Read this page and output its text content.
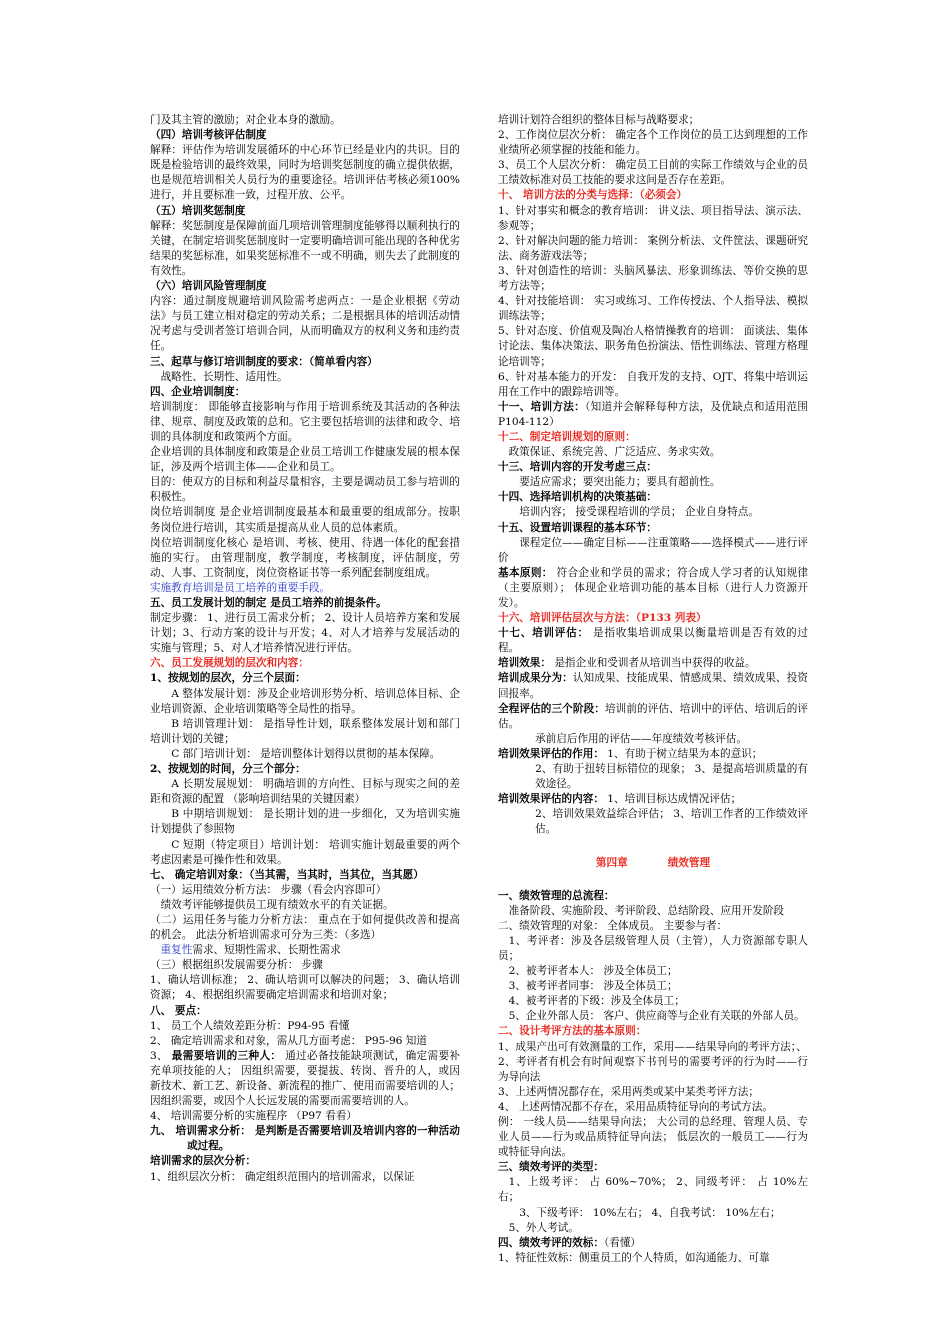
门及其主管的激励；对企业本身的激励。

（四）培训考核评估制度

解释：评估作为培训发展循环的中心环节已经是业内的共识。目的既是检验培训的最终效果，同时为培训奖惩制度的确立提供依据，也是规范培训相关人员行为的重要途径。培训评估考核必须100%进行，并且要标准一致，过程开放、公平。

（五）培训奖惩制度

解释：奖惩制度是保障前面几项培训管理制度能够得以顺利执行的关键，在制定培训奖惩制度时一定要明确培训可能出现的各种优劣结果的奖惩标准，如果奖惩标准不一或不明确，则失去了此制度的有效性。

（六）培训风险管理制度

内容：通过制度规避培训风险需考虑两点：一是企业根据《劳动法》与员工建立相对稳定的劳动关系；二是根据具体的培训活动情况考虑与受训者签订培训合同，从而明确双方的权利义务和违约责任。

三、起草与修订培训制度的要求：（简单看内容）

战略性、长期性、适用性。

四、企业培训制度：

培训制度： 即能够直接影响与作用于培训系统及其活动的各种法律、规章、制度及政策的总和。它主要包括培训的法律和政令、培训的具体制度和政策两个方面。

企业培训的具体制度和政策是企业员工培训工作健康发展的根本保证，涉及两个培训主体——企业和员工。

目的：使双方的目标和利益尽量相容，主要是调动员工参与培训的积极性。

岗位培训制度 是企业培训制度最基本和最重要的组成部分。按职务岗位进行培训，其实质是提高从业人员的总体素质。

岗位培训制度化核心 是培训、考核、使用、待遇一体化的配套措施的实行。 由管理制度，教学制度，考核制度，评估制度，劳动、人事、工资制度，岗位资格证书等一系列配套制度组成。

实施教育培训是员工培养的重要手段。

五、员工发展计划的制定 是员工培养的前提条件。

制定步骤： 1、进行员工需求分析； 2、设计人员培养方案和发展计划；3、行动方案的设计与开发；4、对人才培养与发展活动的实施与管理；5、对人才培养情况进行评估。

六、员工发展规划的层次和内容：

1、按规划的层次，分三个层面：

A 整体发展计划：涉及企业培训形势分析、培训总体目标、企业培训资源、企业培训策略等全局性的指导。

B 培训管理计划： 是指导性计划，联系整体发展计划和部门培训计划的关键；

C 部门培训计划： 是培训整体计划得以贯彻的基本保障。

2、按规划的时间，分三个部分：

A 长期发展规划： 明确培训的方向性、目标与现实之间的差距和资源的配置 （影响培训结果的关键因素）

B 中期培训规划： 是长期计划的进一步细化，又为培训实施计划提供了参照物

C 短期（特定项目）培训计划： 培训实施计划最重要的两个考虑因素是可操作性和效果。

七、 确定培训对象：（当其需，当其时，当其位，当其愿）

（一）运用绩效分析方法： 步骤（看会内容即可）

绩效考评能够提供员工现有绩效水平的有关证据。

（二）运用任务与能力分析方法： 重点在于如何提供改善和提高的机会。 此法分析培训需求可分为三类：（多选）

重复性需求、短期性需求、长期性需求

（三）根据组织发展需要分析： 步骤

1、确认培训标准； 2、确认培训可以解决的问题； 3、确认培训资源； 4、根据组织需要确定培训需求和培训对象；

八、 要点：

1、 员工个人绩效差距分析：P94-95 看懂

2、 确定培训需求和对象，需从几方面考虑： P95-96 知道

3、 最需要培训的三种人： 通过必备技能缺项测试，确定需要补充单项技能的人； 因组织需要，要提拔、转岗、晋升的人，或因新技术、新工艺、新设备、新流程的推广、使用而需要培训的人； 因组织需要，或因个人长远发展的需要而需要培训的人。

4、 培训需要分析的实施程序 （P97 看看）

九、 培训需求分析： 是判断是否需要培训及培训内容的一种活动或过程。

培训需求的层次分析：

1、组织层次分析： 确定组织范围内的培训需求，以保证

培训计划符合组织的整体目标与战略要求；

2、工作岗位层次分析： 确定各个工作岗位的员工达到理想的工作业绩所必须掌握的技能和能力。

3、员工个人层次分析： 确定员工目前的实际工作绩效与企业的员工绩效标准对员工技能的要求这间是否存在差距。

十、 培训方法的分类与选择：（必须会）

1、针对事实和概念的教育培训： 讲义法、项目指导法、演示法、参观等；

2、针对解决问题的能力培训： 案例分析法、文件筐法、课题研究法、商务游戏法等；

3、针对创造性的培训：头脑风暴法、形象训练法、等价交换的思考方法等；

4、针对技能培训： 实习或练习、工作传授法、个人指导法、模拟训练法等；

5、针对态度、价值观及陶冶人格情操教育的培训： 面谈法、集体讨论法、集体决策法、职务角色扮演法、悟性训练法、管理方格理论培训等；

6、针对基本能力的开发： 自我开发的支持、OJT、将集中培训运用在工作中的跟踪培训等。

十一、培训方法：（知道并会解释每种方法，及优缺点和适用范围 P104-112）

十二、制定培训规划的原则：

政策保证、系统完善、广泛适应、务求实效。

十三、培训内容的开发考虑三点：

要适应需求；要突出能力；要具有超前性。

十四、选择培训机构的决策基础：

培训内容； 接受课程培训的学员； 企业自身特点。

十五、设置培训课程的基本环节：

课程定位——确定目标——注重策略——选择模式——进行评价

基本原则： 符合企业和学员的需求；符合成人学习者的认知规律（主要原则）； 体现企业培训功能的基本目标（进行人力资源开发）。

十六、培训评估层次与方法：（P133 列表）

十七、培训评估： 是指收集培训成果以衡量培训是否有效的过程。

培训效果： 是指企业和受训者从培训当中获得的收益。

培训成果分为：认知成果、技能成果、情感成果、绩效成果、投资回报率。

全程评估的三个阶段：培训前的评估、培训中的评估、培训后的评估。

承前启后作用的评估——年度绩效考核评估。

培训效果评估的作用： 1、有助于树立结果为本的意识；

2、有助于扭转目标错位的现象； 3、是提高培训质量的有效途径。

培训效果评估的内容： 1、培训目标达成情况评估；

2、培训效果效益综合评估； 3、培训工作者的工作绩效评估。

第四章	绩效管理

一、绩效管理的总流程：

准备阶段、实施阶段、考评阶段、总结阶段、应用开发阶段

二、绩效管理的对象： 全体成员。 主要参与者：

1、考评者：涉及各层级管理人员（主管），人力资源部专职人员；

2、被考评者本人： 涉及全体员工；

3、被考评者同事： 涉及全体员工；

4、被考评者的下级：涉及全体员工；

5、企业外部人员： 客户、供应商等与企业有关联的外部人员。

二、设计考评方法的基本原则：

1、成果产出可有效测量的工作，采用——结果导向的考评方法；、

2、考评者有机会有时间观察下书刊号的需要考评的行为时——行为导向法

3、上述两情况都存在，采用两类或某中某类考评方法；

4、 上述两情况都不存在，采用品质特征导向的考试方法。

例： 一线人员——结果导向法； 大公司的总经理、管理人员、专业人员——行为或品质特征导向法； 低层次的一般员工——行为或特征导向法。

三、绩效考评的类型：

1、上级考评： 占 60%~70%； 2、同级考评： 占 10%左右；

3、下级考评： 10%左右； 4、自我考试： 10%左右；

5、外人考试。

四、绩效考评的效标：（看懂）

1、特征性效标：侧重员工的个人特质，如沟通能力、可靠
